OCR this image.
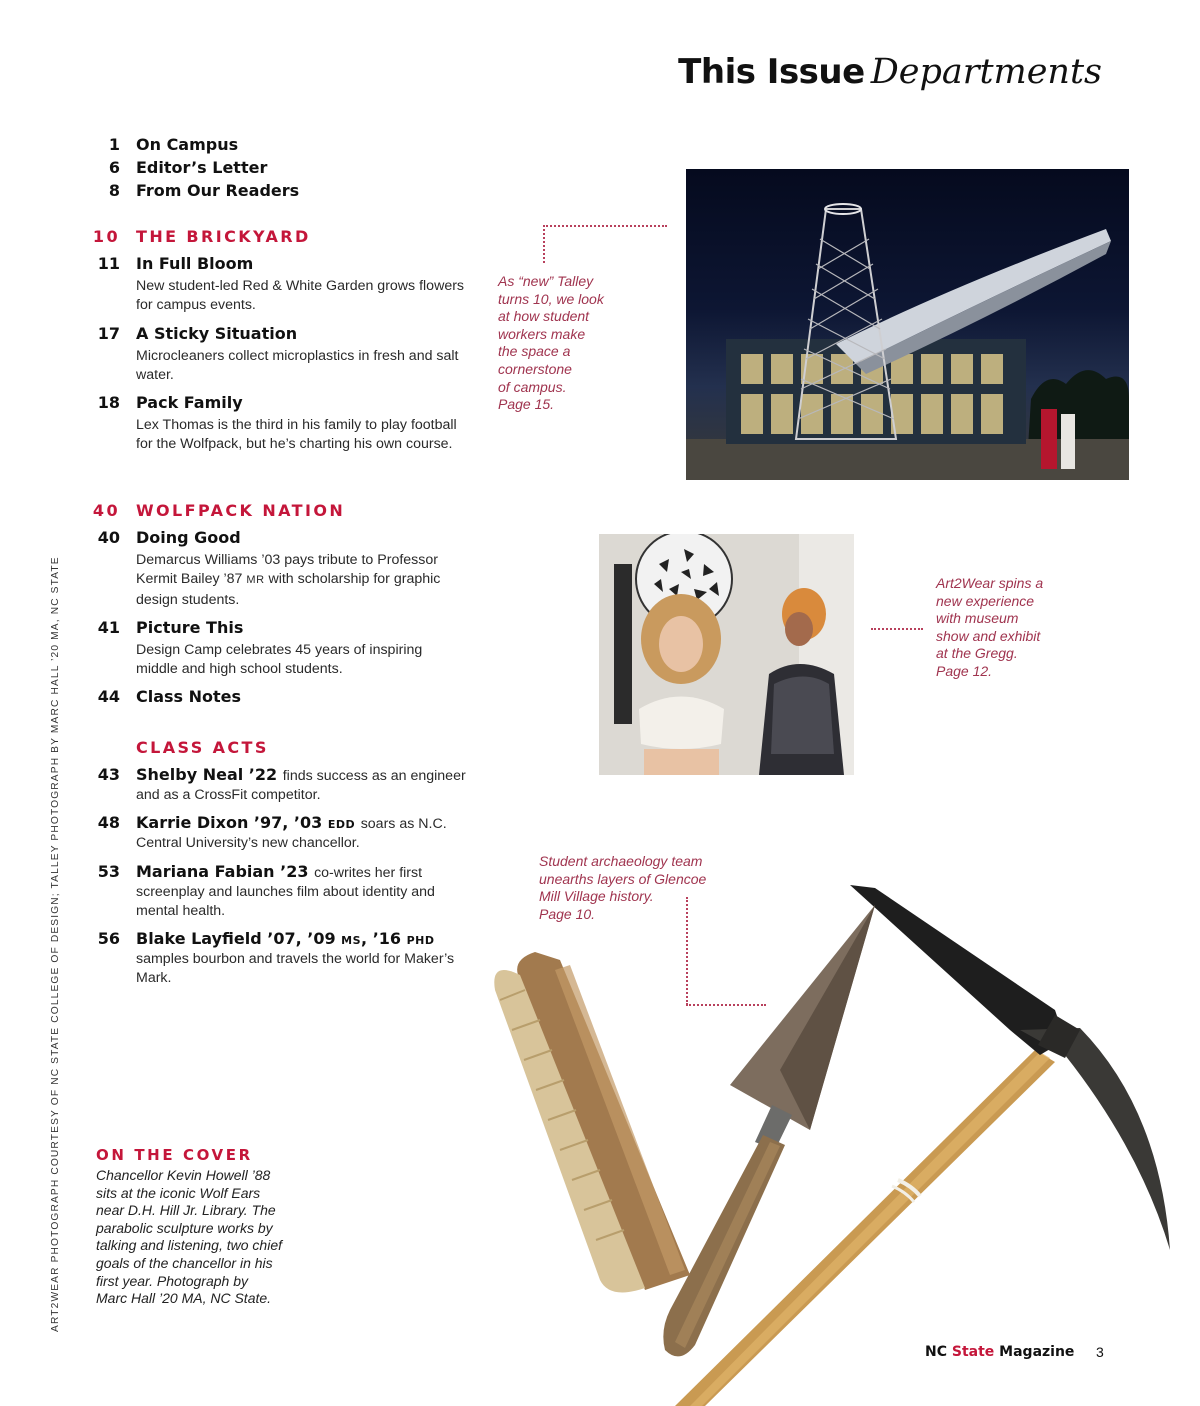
This Issue Departments
1 On Campus
6 Editor’s Letter
8 From Our Readers
10 THE BRICKYARD
11 In Full Bloom
New student-led Red & White Garden grows flowers for campus events.
17 A Sticky Situation
Microcleaners collect microplastics in fresh and salt water.
18 Pack Family
Lex Thomas is the third in his family to play football for the Wolfpack, but he’s charting his own course.
40 WOLFPACK NATION
40 Doing Good
Demarcus Williams ’03 pays tribute to Professor Kermit Bailey ’87 MR with scholarship for graphic design students.
41 Picture This
Design Camp celebrates 45 years of inspiring middle and high school students.
44 Class Notes
CLASS ACTS
43 Shelby Neal ’22 finds success as an engineer
and as a CrossFit competitor.
48 Karrie Dixon ’97, ’03 EDD soars as N.C.
Central University’s new chancellor.
53 Mariana Fabian ’23 co-writes her first
screenplay and launches film about identity and mental health.
56 Blake Layfield ’07, ’09 MS, ’16 PHD
samples bourbon and travels the world for Maker’s Mark.
As “new” Talley
turns 10, we look
at how student
workers make
the space a
cornerstone
of campus.
Page 15.
Art2Wear spins a
new experience
with museum
show and exhibit
at the Gregg.
Page 12.
Student archaeology team
unearths layers of Glencoe
Mill Village history.
Page 10.
ON THE COVER
Chancellor Kevin Howell ’88
sits at the iconic Wolf Ears
near D.H. Hill Jr. Library. The
parabolic sculpture works by
talking and listening, two chief
goals of the chancellor in his
first year. Photograph by
Marc Hall ’20 MA, NC State.
ART2WEAR PHOTOGRAPH COURTESY OF NC STATE COLLEGE OF DESIGN; TALLEY PHOTOGRAPH BY MARC HALL ’20 MA, NC STATE
NC State Magazine 3
